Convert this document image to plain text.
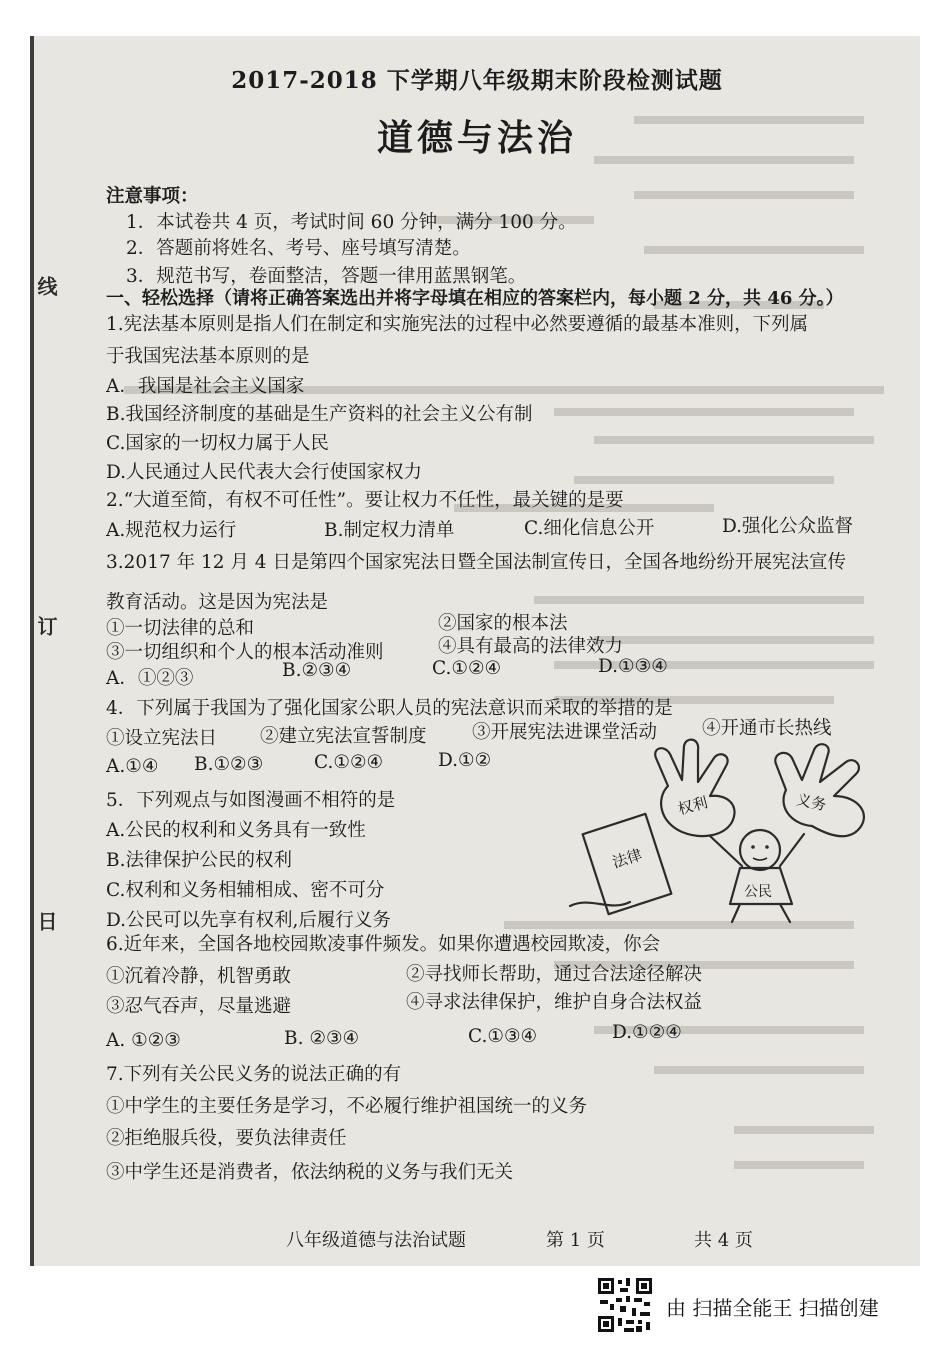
2017-2018 下学期八年级期末阶段检测试题
道德与法治
线
订
日
注意事项：
1．本试卷共 4 页，考试时间 60 分钟，满分 100 分。
2．答题前将姓名、考号、座号填写清楚。
3．规范书写，卷面整洁，答题一律用蓝黑钢笔。
一、轻松选择（请将正确答案选出并将字母填在相应的答案栏内，每小题 2 分，共 46 分。）
1.宪法基本原则是指人们在制定和实施宪法的过程中必然要遵循的最基本准则，下列属
于我国宪法基本原则的是
A．我国是社会主义国家
B.我国经济制度的基础是生产资料的社会主义公有制
C.国家的一切权力属于人民
D.人民通过人民代表大会行使国家权力
2.“大道至简，有权不可任性”。要让权力不任性，最关键的是要
A.规范权力运行	B.制定权力清单	C.细化信息公开	D.强化公众监督
3.2017 年 12 月 4 日是第四个国家宪法日暨全国法制宣传日，全国各地纷纷开展宪法宣传
教育活动。这是因为宪法是
①一切法律的总和	②国家的根本法
③一切组织和个人的根本活动准则	④具有最高的法律效力
A．①②③	B.②③④	C.①②④	D.①③④
4．下列属于我国为了强化国家公职人员的宪法意识而采取的举措的是
①设立宪法日 ②建立宪法宣誓制度 ③开展宪法进课堂活动 ④开通市长热线
A.①④ B.①②③	C.①②④	D.①②
5．下列观点与如图漫画不相符的是
A.公民的权利和义务具有一致性
B.法律保护公民的权利
C.权利和义务相辅相成、密不可分
D.公民可以先享有权利,后履行义务
6.近年来，全国各地校园欺凌事件频发。如果你遭遇校园欺凌，你会
①沉着冷静，机智勇敢	②寻找师长帮助，通过合法途径解决
③忍气吞声，尽量逃避	④寻求法律保护，维护自身合法权益
A. ①②③	B. ②③④	C.①③④	D.①②④
7.下列有关公民义务的说法正确的有
①中学生的主要任务是学习，不必履行维护祖国统一的义务
②拒绝服兵役，要负法律责任
③中学生还是消费者，依法纳税的义务与我们无关
权利	义务
法律
公民
八年级道德与法治试题	第 1 页	共 4 页
由 扫描全能王 扫描创建
